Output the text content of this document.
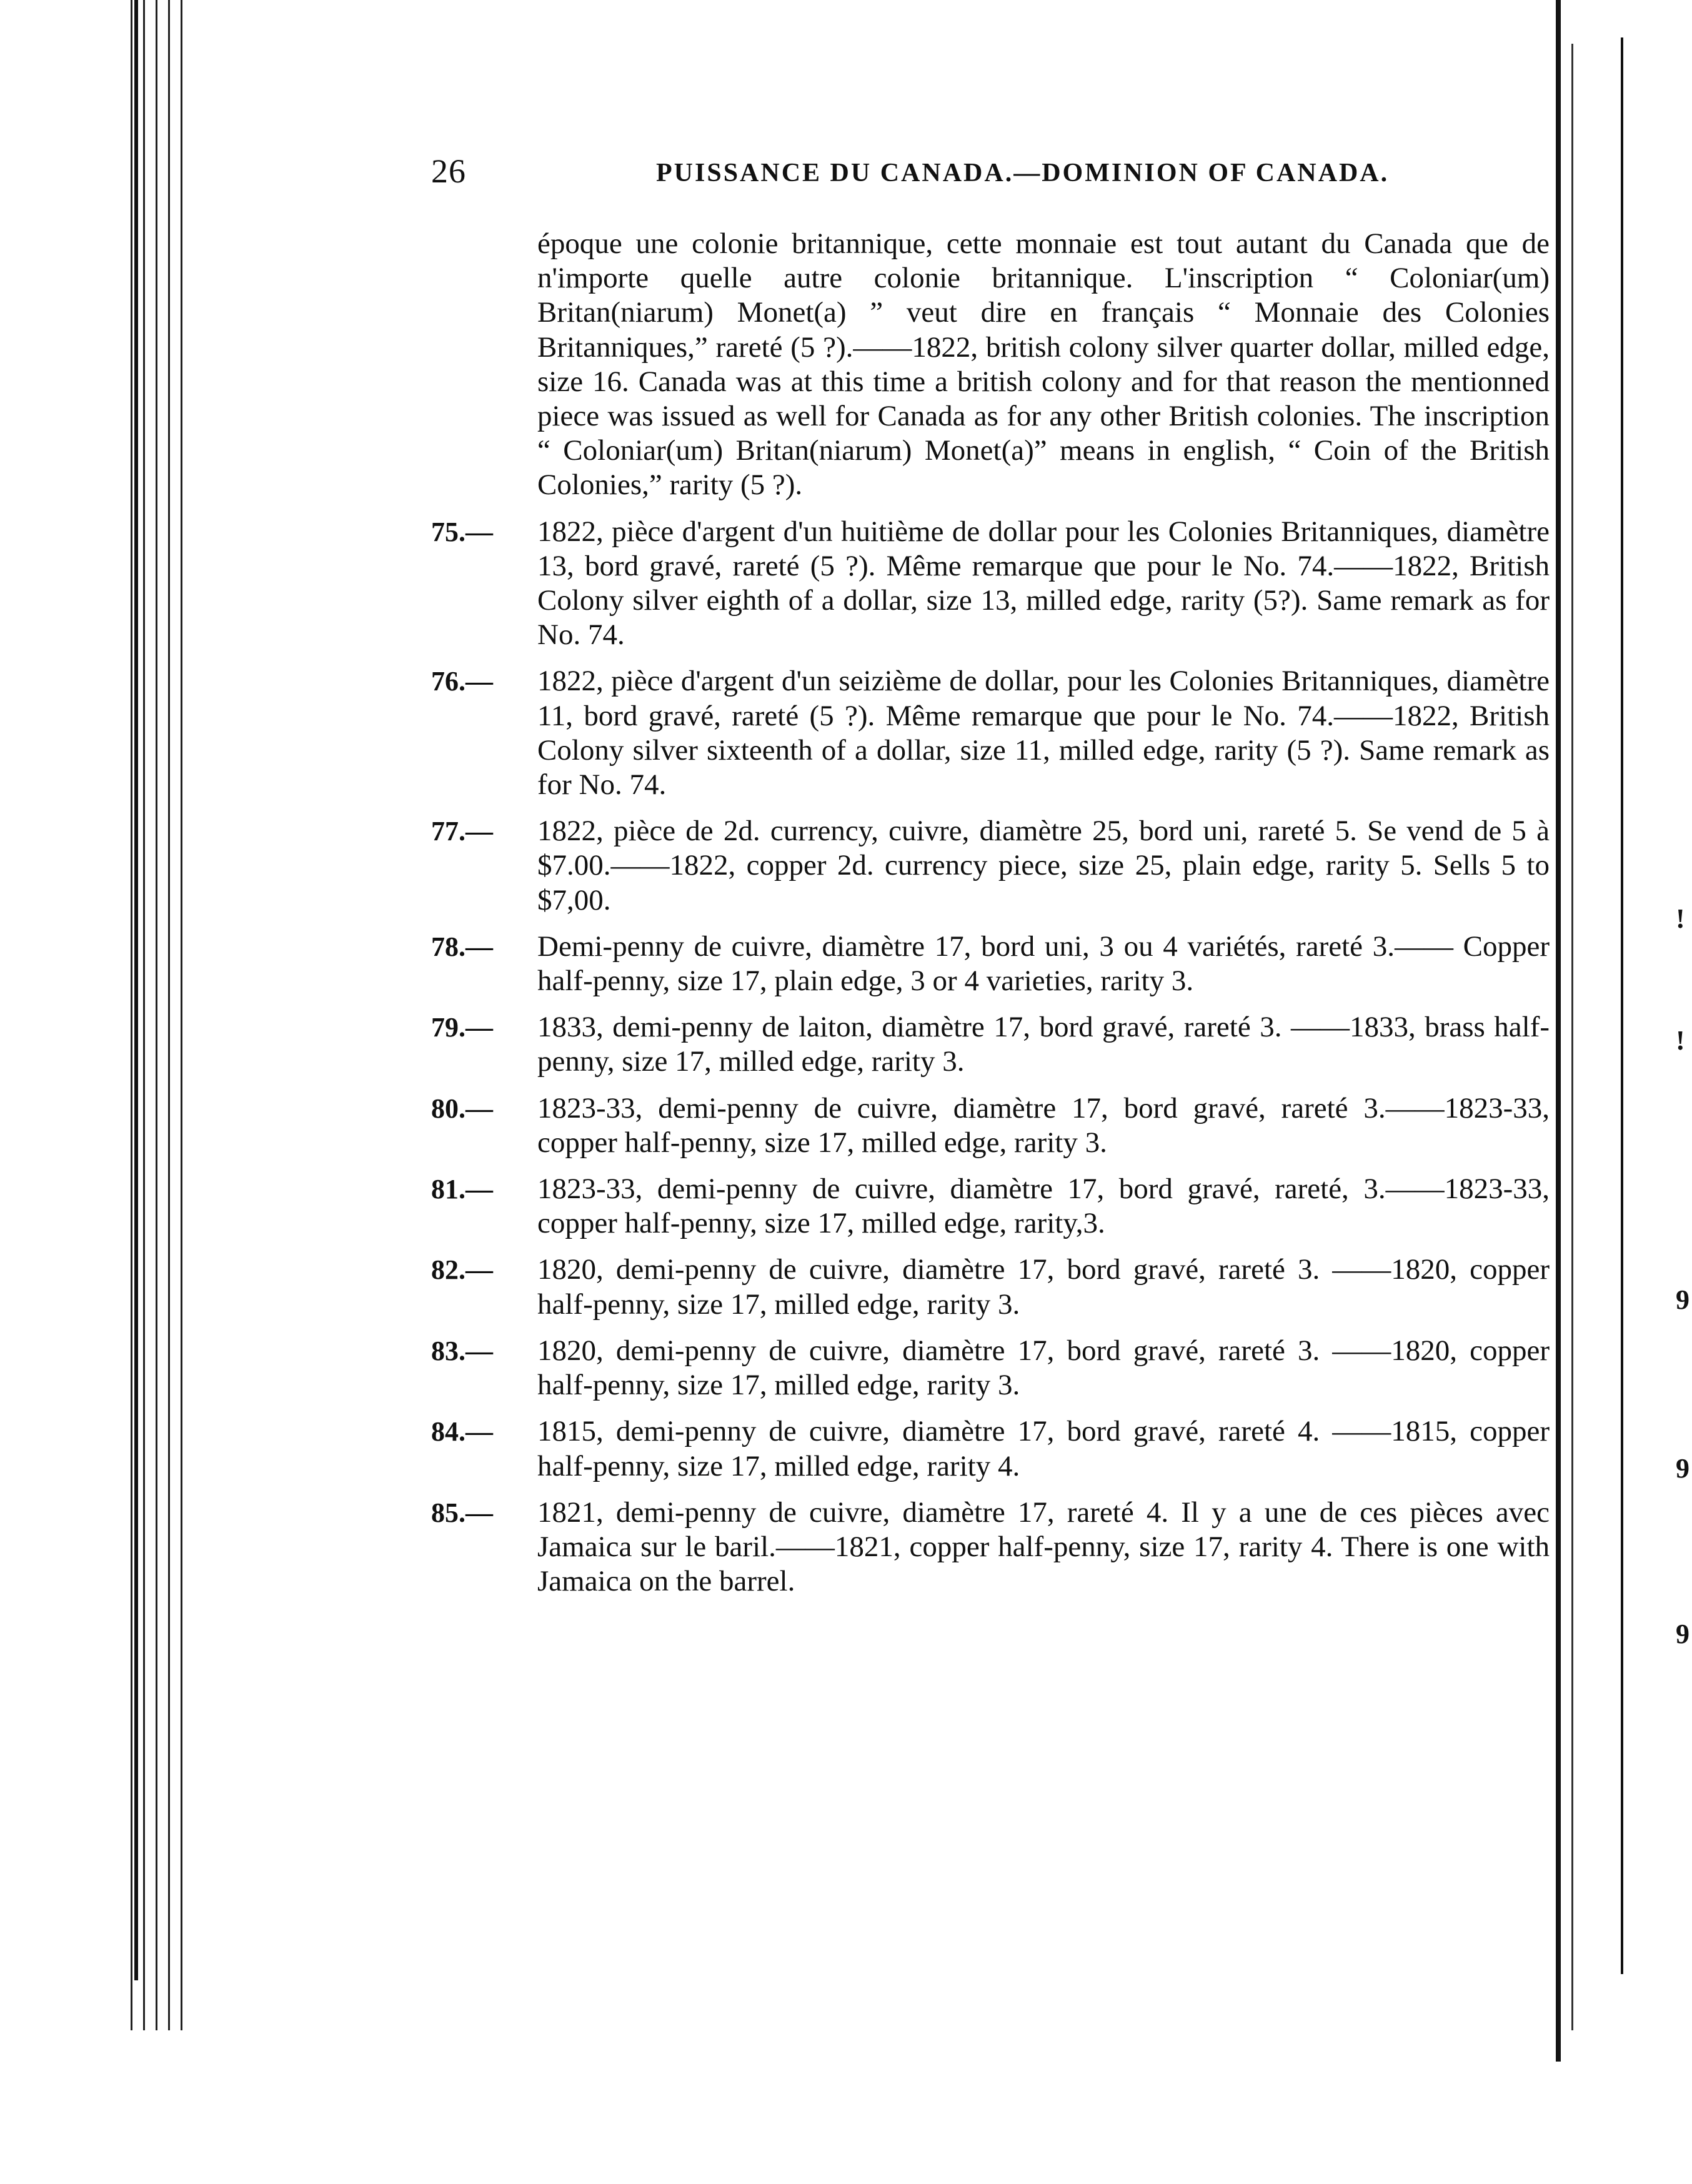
!
!
9
9
9
26	PUISSANCE DU CANADA.—DOMINION OF CANADA.

époque une colonie britannique, cette monnaie est tout autant du Canada que de n'importe quelle autre colonie britannique. L'inscription “ Coloniar(um) Britan(niarum) Monet(a) ” veut dire en français “ Monnaie des Colonies Britanniques,” rareté (5 ?).——1822, british colony silver quarter dollar, milled edge, size 16. Canada was at this time a british colony and for that reason the mentionned piece was issued as well for Canada as for any other British colonies. The inscription “ Coloniar(um) Britan(niarum) Monet(a)” means in english, “ Coin of the British Colonies,” rarity (5 ?).

75.—	1822, pièce d'argent d'un huitième de dollar pour les Colonies Britanniques, diamètre 13, bord gravé, rareté (5 ?). Même remarque que pour le No. 74.——1822, British Colony silver eighth of a dollar, size 13, milled edge, rarity (5?). Same remark as for No. 74.
76.—	1822, pièce d'argent d'un seizième de dollar, pour les Colonies Britanniques, diamètre 11, bord gravé, rareté (5 ?). Même remarque que pour le No. 74.——1822, British Colony silver sixteenth of a dollar, size 11, milled edge, rarity (5 ?). Same remark as for No. 74.
77.—	1822, pièce de 2d. currency, cuivre, diamètre 25, bord uni, rareté 5. Se vend de 5 à $7.00.——1822, copper 2d. currency piece, size 25, plain edge, rarity 5. Sells 5 to $7,00.
78.—	Demi-penny de cuivre, diamètre 17, bord uni, 3 ou 4 variétés, rareté 3.—— Copper half-penny, size 17, plain edge, 3 or 4 varieties, rarity 3.
79.—	1833, demi-penny de laiton, diamètre 17, bord gravé, rareté 3. ——1833, brass half-penny, size 17, milled edge, rarity 3.
80.—	1823-33, demi-penny de cuivre, diamètre 17, bord gravé, rareté 3.——1823-33, copper half-penny, size 17, milled edge, rarity 3.
81.—	1823-33, demi-penny de cuivre, diamètre 17, bord gravé, rareté, 3.——1823-33, copper half-penny, size 17, milled edge, rarity,3.
82.—	1820, demi-penny de cuivre, diamètre 17, bord gravé, rareté 3. ——1820, copper half-penny, size 17, milled edge, rarity 3.
83.—	1820, demi-penny de cuivre, diamètre 17, bord gravé, rareté 3. ——1820, copper half-penny, size 17, milled edge, rarity 3.
84.—	1815, demi-penny de cuivre, diamètre 17, bord gravé, rareté 4. ——1815, copper half-penny, size 17, milled edge, rarity 4.
85.—	1821, demi-penny de cuivre, diamètre 17, rareté 4. Il y a une de ces pièces avec Jamaica sur le baril.——1821, copper half-penny, size 17, rarity 4. There is one with Jamaica on the barrel.
